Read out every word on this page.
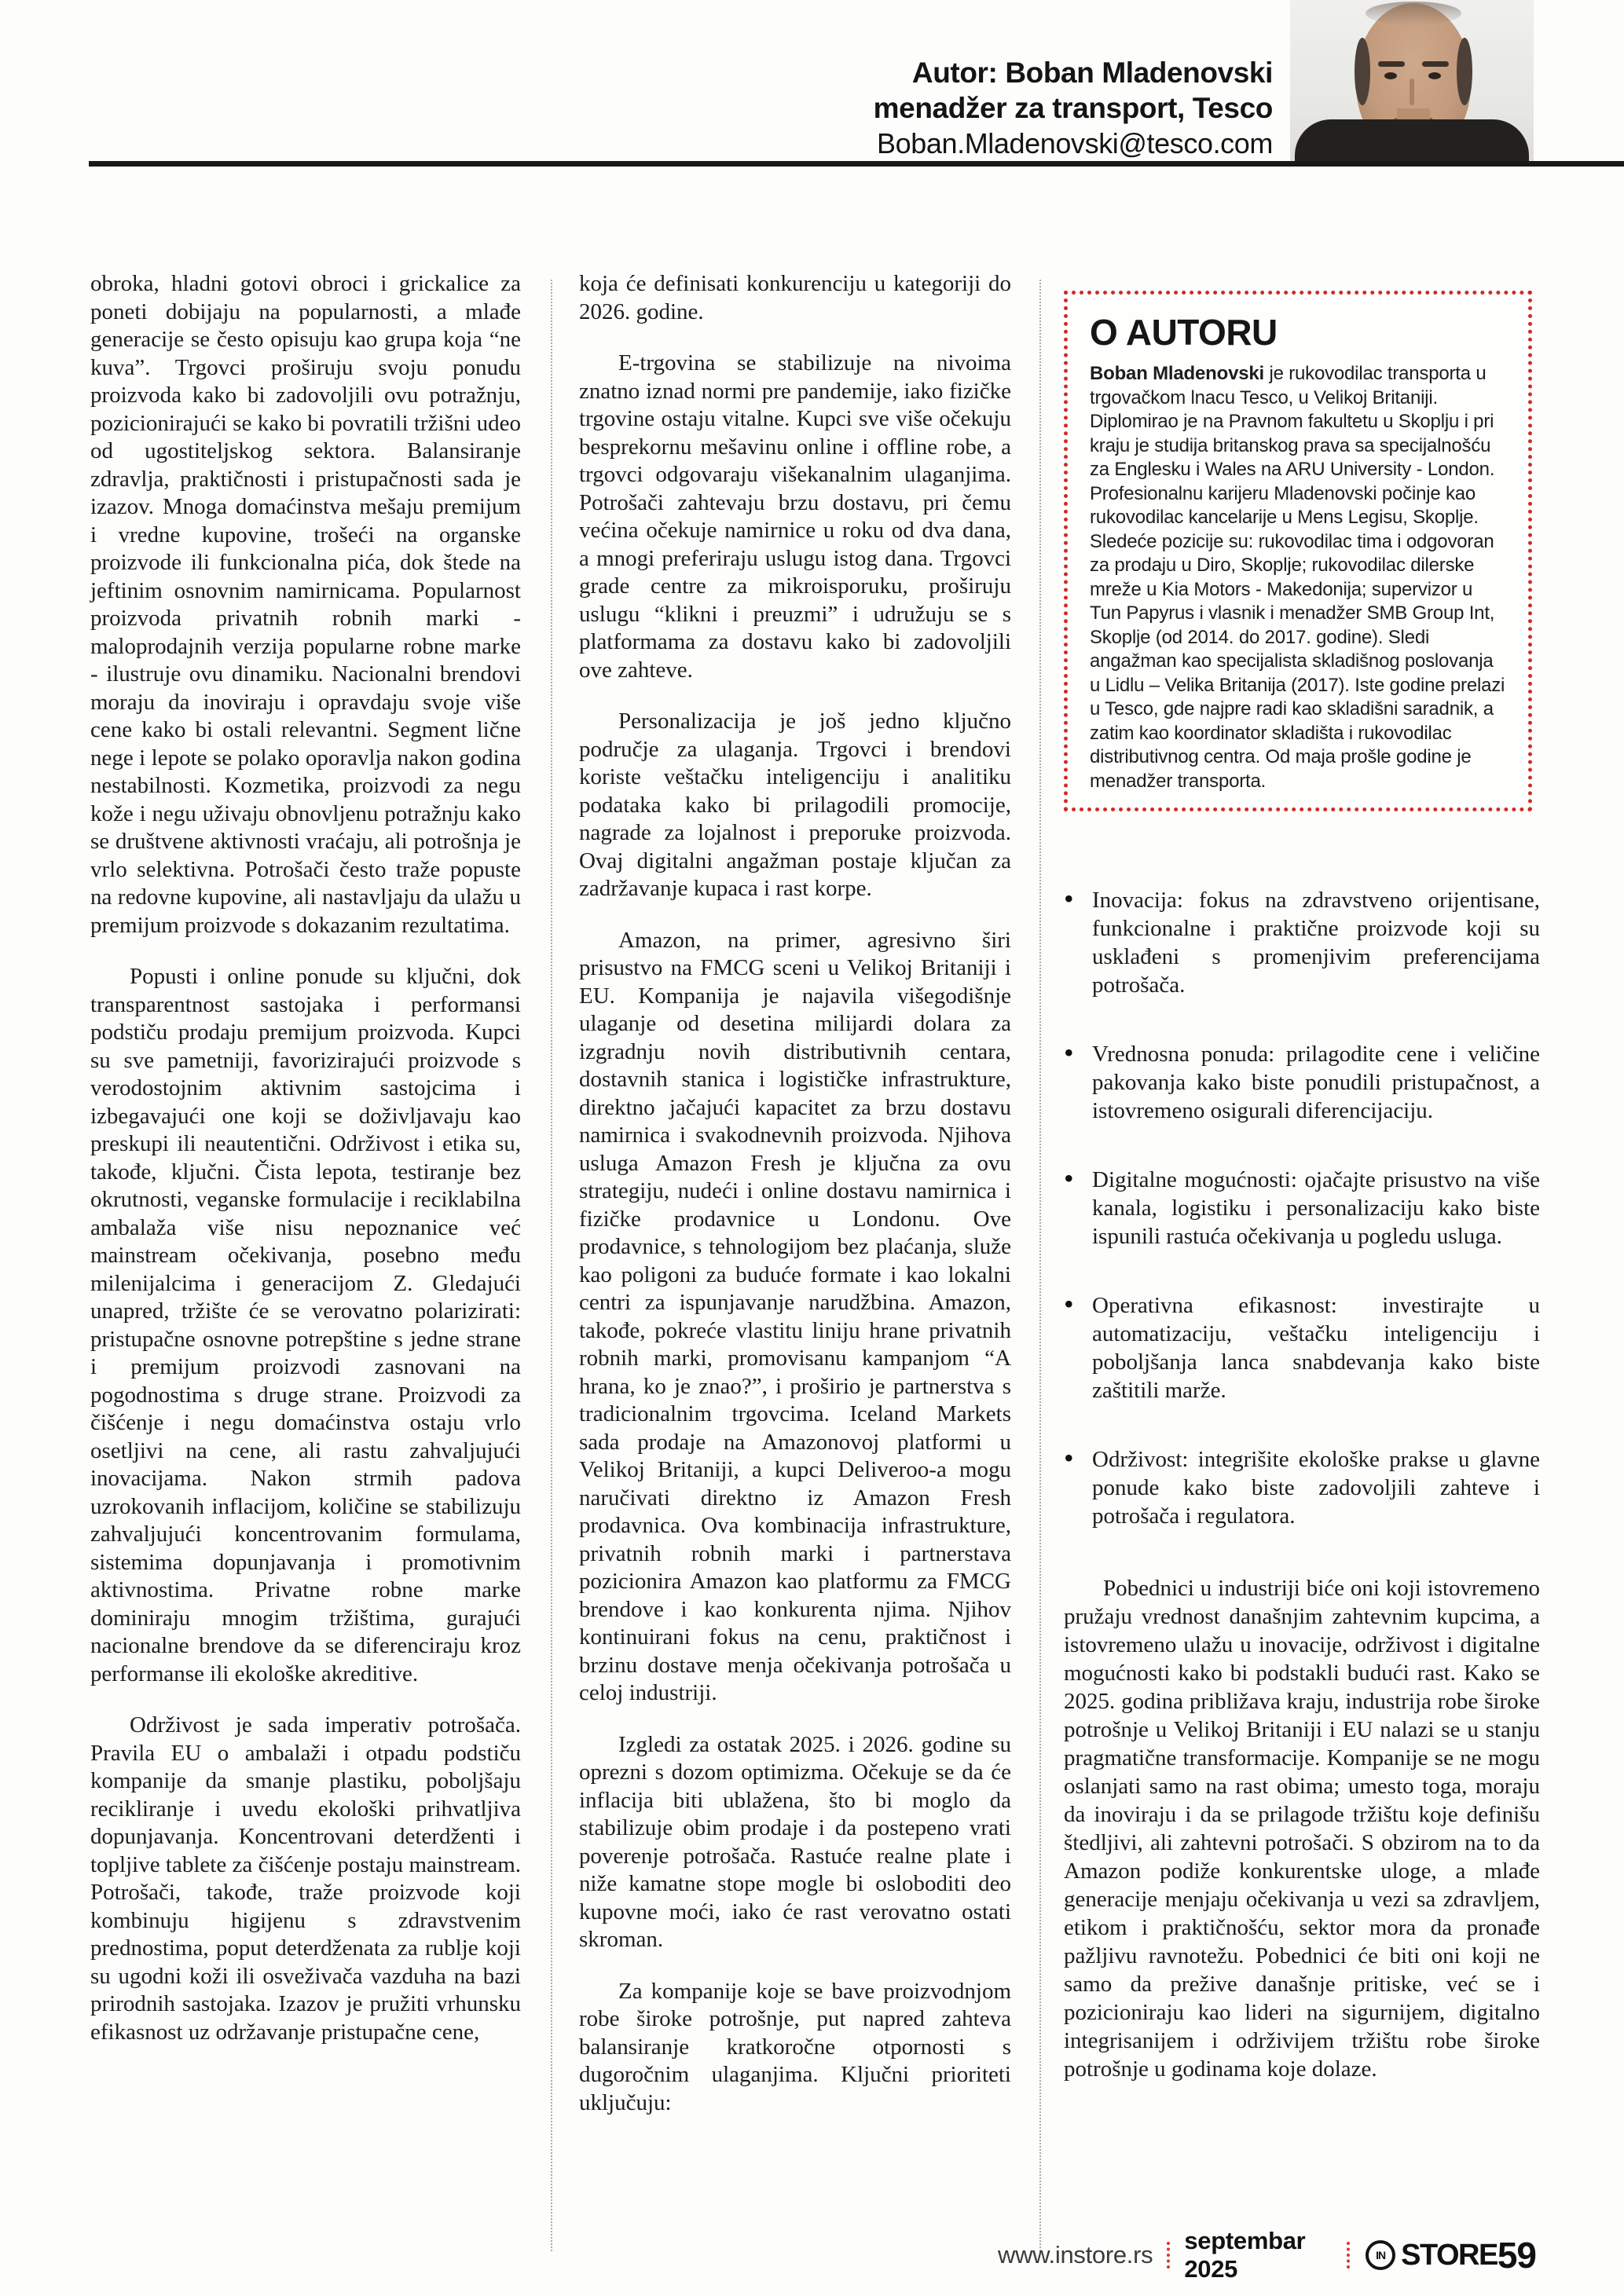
Autor: Boban Mladenovski
menadžer za transport, Tesco
Boban.Mladenovski@tesco.com

obroka, hladni gotovi obroci i grickalice za poneti dobijaju na popularnosti, a mlađe generacije se često opisuju kao grupa koja “ne kuva”. Trgovci proširuju svoju ponudu proizvoda kako bi zadovoljili ovu potražnju, pozicionirajući se kako bi povratili tržišni udeo od ugostiteljskog sektora. Balansiranje zdravlja, praktičnosti i pristupačnosti sada je izazov. Mnoga domaćinstva mešaju premijum i vredne kupovine, trošeći na organske proizvode ili funkcionalna pića, dok štede na jeftinim osnovnim namirnicama. Popularnost proizvoda privatnih robnih marki - maloprodajnih verzija popularne robne marke - ilustruje ovu dinamiku. Nacionalni brendovi moraju da inoviraju i opravdaju svoje više cene kako bi ostali relevantni. Segment lične nege i lepote se polako oporavlja nakon godina nestabilnosti. Kozmetika, proizvodi za negu kože i negu uživaju obnovljenu potražnju kako se društvene aktivnosti vraćaju, ali potrošnja je vrlo selektivna. Potrošači često traže popuste na redovne kupovine, ali nastavljaju da ulažu u premijum proizvode s dokazanim rezultatima.

Popusti i online ponude su ključni, dok transparentnost sastojaka i performansi podstiču prodaju premijum proizvoda. Kupci su sve pametniji, favorizirajući proizvode s verodostojnim aktivnim sastojcima i izbegavajući one koji se doživljavaju kao preskupi ili neautentični. Održivost i etika su, takođe, ključni. Čista lepota, testiranje bez okrutnosti, veganske formulacije i reciklabilna ambalaža više nisu nepoznanice već mainstream očekivanja, posebno među milenijalcima i generacijom Z. Gledajući unapred, tržište će se verovatno polarizirati: pristupačne osnovne potrepštine s jedne strane i premijum proizvodi zasnovani na pogodnostima s druge strane. Proizvodi za čišćenje i negu domaćinstva ostaju vrlo osetljivi na cene, ali rastu zahvaljujući inovacijama. Nakon strmih padova uzrokovanih inflacijom, količine se stabilizuju zahvaljujući koncentrovanim formulama, sistemima dopunjavanja i promotivnim aktivnostima. Privatne robne marke dominiraju mnogim tržištima, gurajući nacionalne brendove da se diferenciraju kroz performanse ili ekološke akreditive.

Održivost je sada imperativ potrošača. Pravila EU o ambalaži i otpadu podstiču kompanije da smanje plastiku, poboljšaju recikliranje i uvedu ekološki prihvatljiva dopunjavanja. Koncentrovani deterdženti i topljive tablete za čišćenje postaju mainstream. Potrošači, takođe, traže proizvode koji kombinuju higijenu s zdravstvenim prednostima, poput deterdženata za rublje koji su ugodni koži ili osveživača vazduha na bazi prirodnih sastojaka. Izazov je pružiti vrhunsku efikasnost uz održavanje pristupačne cene,

koja će definisati konkurenciju u kategoriji do 2026. godine.

E-trgovina se stabilizuje na nivoima znatno iznad normi pre pandemije, iako fizičke trgovine ostaju vitalne. Kupci sve više očekuju besprekornu mešavinu online i offline robe, a trgovci odgovaraju višekanalnim ulaganjima. Potrošači zahtevaju brzu dostavu, pri čemu većina očekuje namirnice u roku od dva dana, a mnogi preferiraju uslugu istog dana. Trgovci grade centre za mikroisporuku, proširuju uslugu “klikni i preuzmi” i udružuju se s platformama za dostavu kako bi zadovoljili ove zahteve.

Personalizacija je još jedno ključno područje za ulaganja. Trgovci i brendovi koriste veštačku inteligenciju i analitiku podataka kako bi prilagodili promocije, nagrade za lojalnost i preporuke proizvoda. Ovaj digitalni angažman postaje ključan za zadržavanje kupaca i rast korpe.

Amazon, na primer, agresivno širi prisustvo na FMCG sceni u Velikoj Britaniji i EU. Kompanija je najavila višegodišnje ulaganje od desetina milijardi dolara za izgradnju novih distributivnih centara, dostavnih stanica i logističke infrastrukture, direktno jačajući kapacitet za brzu dostavu namirnica i svakodnevnih proizvoda. Njihova usluga Amazon Fresh je ključna za ovu strategiju, nudeći i online dostavu namirnica i fizičke prodavnice u Londonu. Ove prodavnice, s tehnologijom bez plaćanja, služe kao poligoni za buduće formate i kao lokalni centri za ispunjavanje narudžbina. Amazon, takođe, pokreće vlastitu liniju hrane privatnih robnih marki, promovisanu kampanjom “A hrana, ko je znao?”, i proširio je partnerstva s tradicionalnim trgovcima. Iceland Markets sada prodaje na Amazonovoj platformi u Velikoj Britaniji, a kupci Deliveroo-a mogu naručivati direktno iz Amazon Fresh prodavnica. Ova kombinacija infrastrukture, privatnih robnih marki i partnerstava pozicionira Amazon kao platformu za FMCG brendove i kao konkurenta njima. Njihov kontinuirani fokus na cenu, praktičnost i brzinu dostave menja očekivanja potrošača u celoj industriji.

Izgledi za ostatak 2025. i 2026. godine su oprezni s dozom optimizma. Očekuje se da će inflacija biti ublažena, što bi moglo da stabilizuje obim prodaje i da postepeno vrati poverenje potrošača. Rastuće realne plate i niže kamatne stope mogle bi osloboditi deo kupovne moći, iako će rast verovatno ostati skroman.

Za kompanije koje se bave proizvodnjom robe široke potrošnje, put napred zahteva balansiranje kratkoročne otpornosti s dugoročnim ulaganjima. Ključni prioriteti uključuju:

O AUTORU

Boban Mladenovski je rukovodilac transporta u trgovačkom lnacu Tesco, u Velikoj Britaniji. Diplomirao je na Pravnom fakultetu u Skoplju i pri kraju je studija britanskog prava sa specijalnošću za Englesku i Wales na ARU University - London. Profesionalnu karijeru Mladenovski počinje kao rukovodilac kancelarije u Mens Legisu, Skoplje. Sledeće pozicije su: rukovodilac tima i odgovoran za prodaju u Diro, Skoplje; rukovodilac dilerske mreže u Kia Motors - Makedonija; supervizor u Tun Papyrus i vlasnik i menadžer SMB Group Int, Skoplje (od 2014. do 2017. godine). Sledi angažman kao specijalista skladišnog poslovanja u Lidlu – Velika Britanija (2017). Iste godine prelazi u Tesco, gde najpre radi kao skladišni saradnik, a zatim kao koordinator skladišta i rukovodilac distributivnog centra. Od maja prošle godine je menadžer transporta.

• Inovacija: fokus na zdravstveno orijentisane, funkcionalne i praktične proizvode koji su usklađeni s promenjivim preferencijama potrošača.
• Vrednosna ponuda: prilagodite cene i veličine pakovanja kako biste ponudili pristupačnost, a istovremeno osigurali diferencijaciju.
• Digitalne mogućnosti: ojačajte prisustvo na više kanala, logistiku i personalizaciju kako biste ispunili rastuća očekivanja u pogledu usluga.
• Operativna efikasnost: investirajte u automatizaciju, veštačku inteligenciju i poboljšanja lanca snabdevanja kako biste zaštitili marže.
• Održivost: integrišite ekološke prakse u glavne ponude kako biste zadovoljili zahteve i potrošača i regulatora.

Pobednici u industriji biće oni koji istovremeno pružaju vrednost današnjim zahtevnim kupcima, a istovremeno ulažu u inovacije, održivost i digitalne mogućnosti kako bi podstakli budući rast. Kako se 2025. godina približava kraju, industrija robe široke potrošnje u Velikoj Britaniji i EU nalazi se u stanju pragmatične transformacije. Kompanije se ne mogu oslanjati samo na rast obima; umesto toga, moraju da inoviraju i da se prilagode tržištu koje definišu štedljivi, ali zahtevni potrošači. S obzirom na to da Amazon podiže konkurentske uloge, a mlađe generacije menjaju očekivanja u vezi sa zdravljem, etikom i praktičnošću, sektor mora da pronađe pažljivu ravnotežu. Pobednici će biti oni koji ne samo da prežive današnje pritiske, već se i pozicioniraju kao lideri na sigurnijem, digitalno integrisanijem i održivijem tržištu robe široke potrošnje u godinama koje dolaze.

www.instore.rs
septembar 2025	IN STORE 59
